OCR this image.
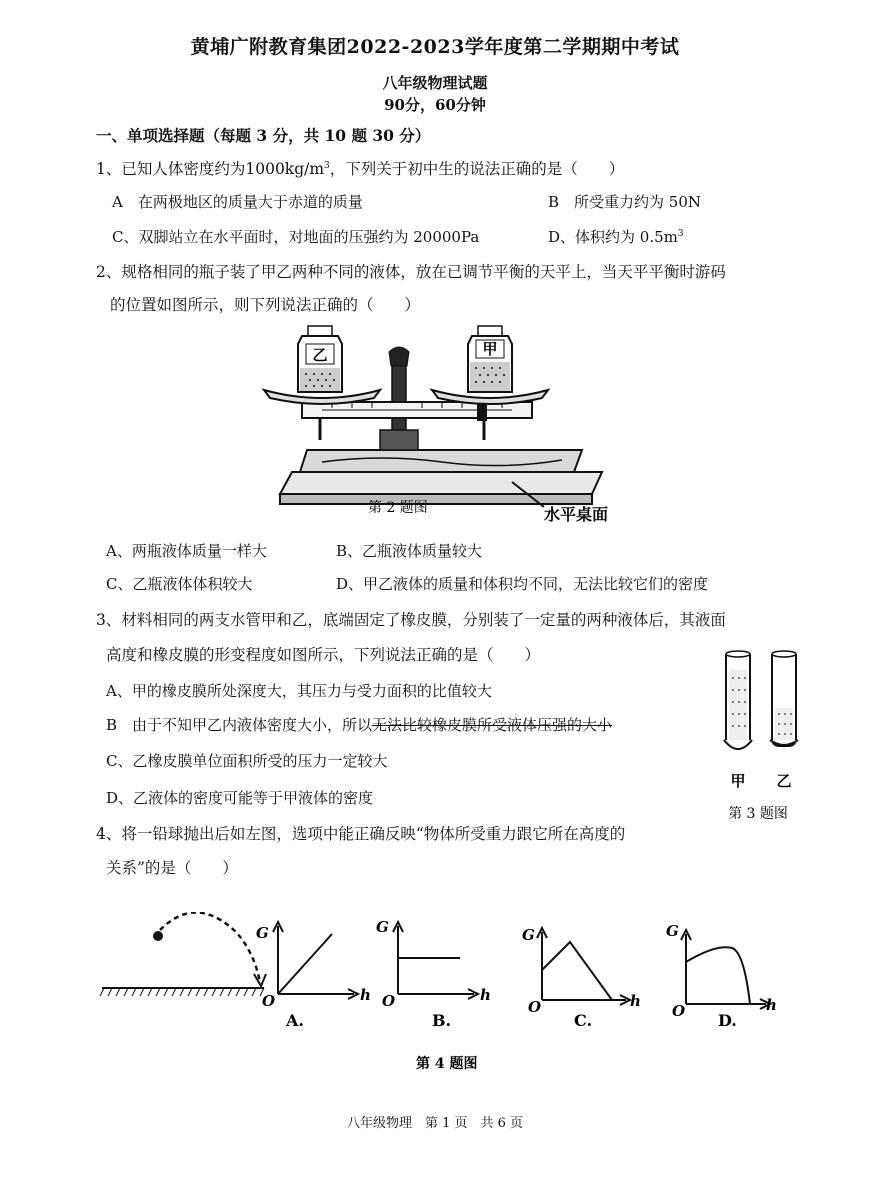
黄埔广附教育集团2022-2023学年度第二学期期中考试
八年级物理试题
90分，60分钟
一、单项选择题（每题 3 分，共 10 题 30 分）
1、已知人体密度约为$1000kg/m^3$，下列关于初中生的说法正确的是（　　）
A　在两极地区的质量大于赤道的质量	B　所受重力约为 50N
C、双脚站立在水平面时，对地面的压强约为 20000Pa	D、体积约为 $0.5m^3$
2、规格相同的瓶子装了甲乙两种不同的液体，放在已调节平衡的天平上，当天平平衡时游码
的位置如图所示，则下列说法正确的（　　）
乙	甲
水平桌面
第 2 题图
A、两瓶液体质量一样大	B、乙瓶液体质量较大
C、乙瓶液体体积较大	D、甲乙液体的质量和体积均不同，无法比较它们的密度
3、材料相同的两支水管甲和乙，底端固定了橡皮膜，分别装了一定量的两种液体后，其液面
高度和橡皮膜的形变程度如图所示，下列说法正确的是（　　）
A、甲的橡皮膜所处深度大，其压力与受力面积的比值较大
B　由于不知甲乙内液体密度大小，所以无法比较橡皮膜所受液体压强的大小
C、乙橡皮膜单位面积所受的压力一定较大
D、乙液体的密度可能等于甲液体的密度
甲 乙
第 3 题图
4、将一铅球抛出后如左图，选项中能正确反映“物体所受重力跟它所在高度的
关系”的是（　　）
G
h
O
A.
G
h
O
B.
G
h
O
C.
G
h
O D.
第 4 题图
八年级物理　第 1 页　共 6 页
